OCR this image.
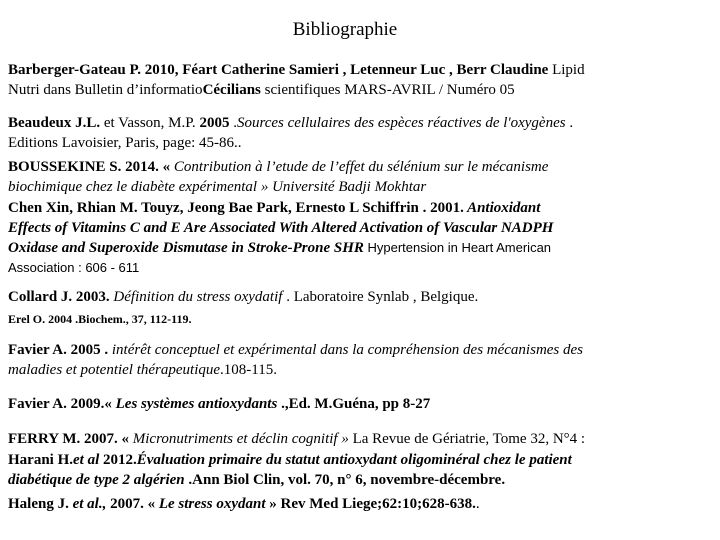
Bibliographie
Barberger-Gateau P. 2010, Féart Catherine Samieri , Letenneur Luc , Berr Claudine Lipid
Nutri dans Bulletin d’informatioCécilians scientifiques MARS-AVRIL / Numéro 05
Beaudeux J.L. et Vasson, M.P. 2005 .Sources cellulaires des espèces réactives de l'oxygènes .
Editions Lavoisier, Paris, page: 45-86..
BOUSSEKINE S. 2014. « Contribution à l’etude de l’effet du sélénium sur le mécanisme
biochimique chez le diabète expérimental » Université Badji Mokhtar
Chen Xin, Rhian M. Touyz, Jeong Bae Park, Ernesto L Schiffrin . 2001. Antioxidant
Effects of Vitamins C and E Are Associated With Altered Activation of Vascular NADPH
Oxidase and Superoxide Dismutase in Stroke-Prone SHR Hypertension in Heart American
Association : 606 - 611
Collard J. 2003. Définition du stress oxydatif . Laboratoire Synlab , Belgique.
Erel O. 2004 .Biochem., 37, 112-119.
Favier A. 2005 . intérêt conceptuel et expérimental dans la compréhension des mécanismes des
maladies et potentiel thérapeutique.108-115.
Favier A. 2009.« Les systèmes antioxydants .,Ed. M.Guéna, pp 8-27
FERRY M. 2007. « Micronutriments et déclin cognitif » La Revue de Gériatrie, Tome 32, N°4 :
Harani H.et al 2012.Évaluation primaire du statut antioxydant oligominéral chez le patient
diabétique de type 2 algérien .Ann Biol Clin, vol. 70, n° 6, novembre-décembre.
Haleng J. et al., 2007. « Le stress oxydant » Rev Med Liege;62:10;628-638..
